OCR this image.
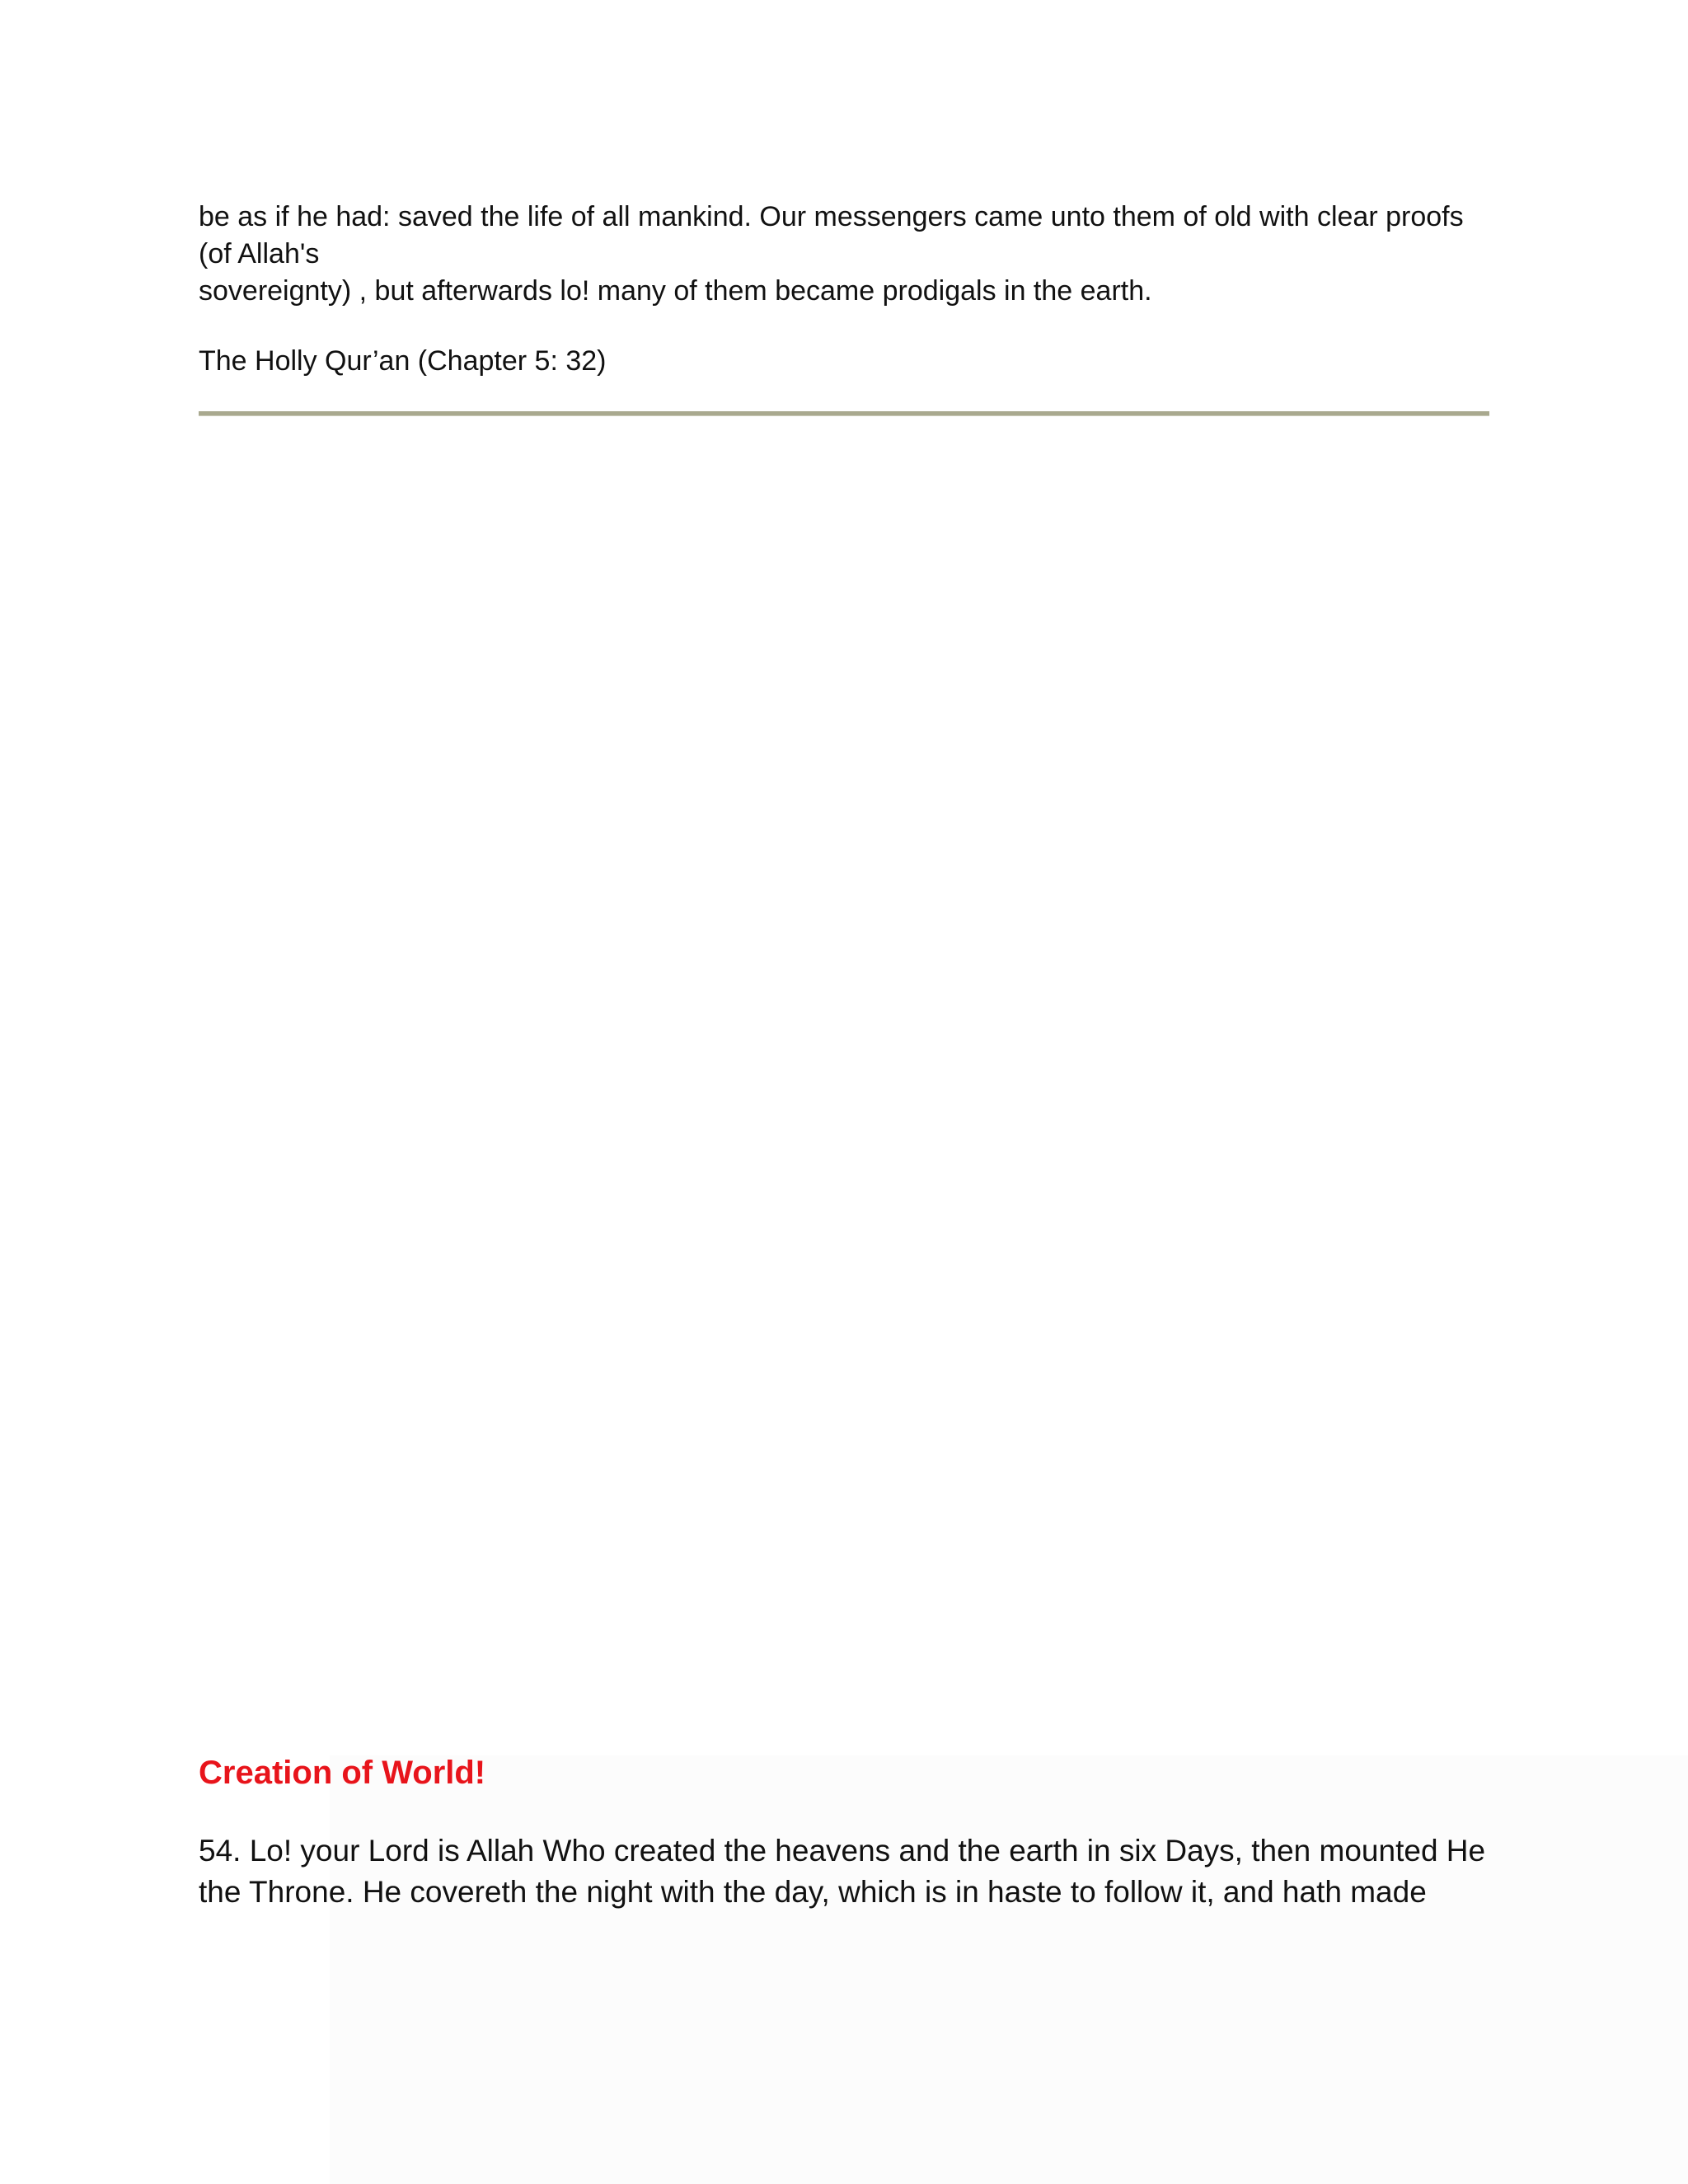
be as if he had: saved the life of all mankind. Our messengers came unto them of old with clear proofs

(of Allah's

sovereignty) , but afterwards lo! many of them became prodigals in the earth.

The Holly Qur’an (Chapter 5: 32)

Creation of World!

54. Lo! your Lord is Allah Who created the heavens and the earth in six Days, then mounted He
the Throne. He covereth the night with the day, which is in haste to follow it, and hath made
